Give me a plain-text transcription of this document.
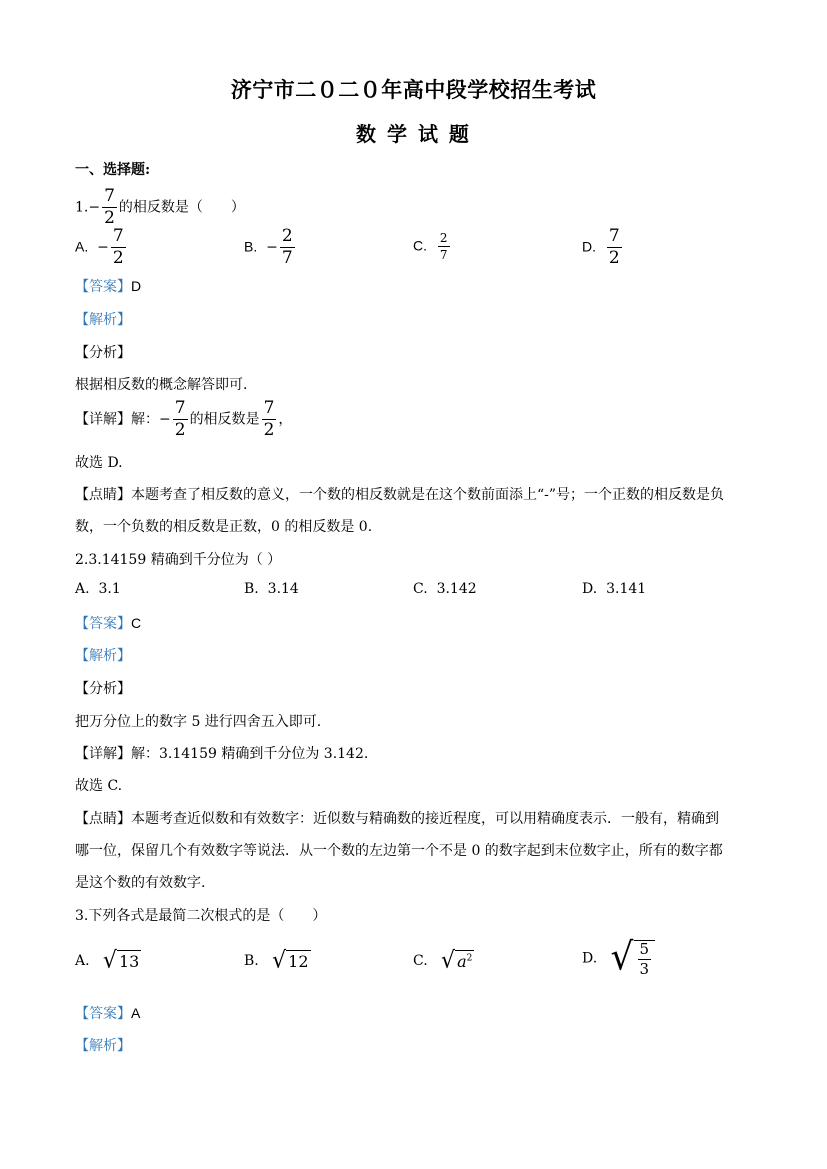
济宁市二０二０年高中段学校招生考试
数 学 试 题
一、选择题:
$1.- \frac{7}{2}$ 的相反数是（　　）
A. − $\frac{7}{2}$	B. − $\frac{2}{7}$	C. $\frac{2}{7}$	D. $\frac{7}{2}$
【答案】D
【解析】
【分析】
根据相反数的概念解答即可.
【详解】解：− $\frac{7}{2}$ 的相反数是 $\frac{7}{2}$ ，
故选 D.
【点睛】本题考查了相反数的意义，一个数的相反数就是在这个数前面添上“-”号；一个正数的相反数是负
数，一个负数的相反数是正数，0 的相反数是 0.
2.3.14159 精确到千分位为（ ）
A. 3.1	B. 3.14	C. 3.142	D. 3.141
【答案】C
【解析】
【分析】
把万分位上的数字 5 进行四舍五入即可.
【详解】解：3.14159 精确到千分位为 3.142.
故选 C.
【点睛】本题考查近似数和有效数字：近似数与精确数的接近程度，可以用精确度表示．一般有，精确到
哪一位，保留几个有效数字等说法．从一个数的左边第一个不是 0 的数字起到末位数字止，所有的数字都
是这个数的有效数字.
3.下列各式是最简二次根式的是（　　）
A. √ 13	B. √ 12	C. √ $a^2$	D. √ $\frac{5}{3}$
【答案】A
【解析】
